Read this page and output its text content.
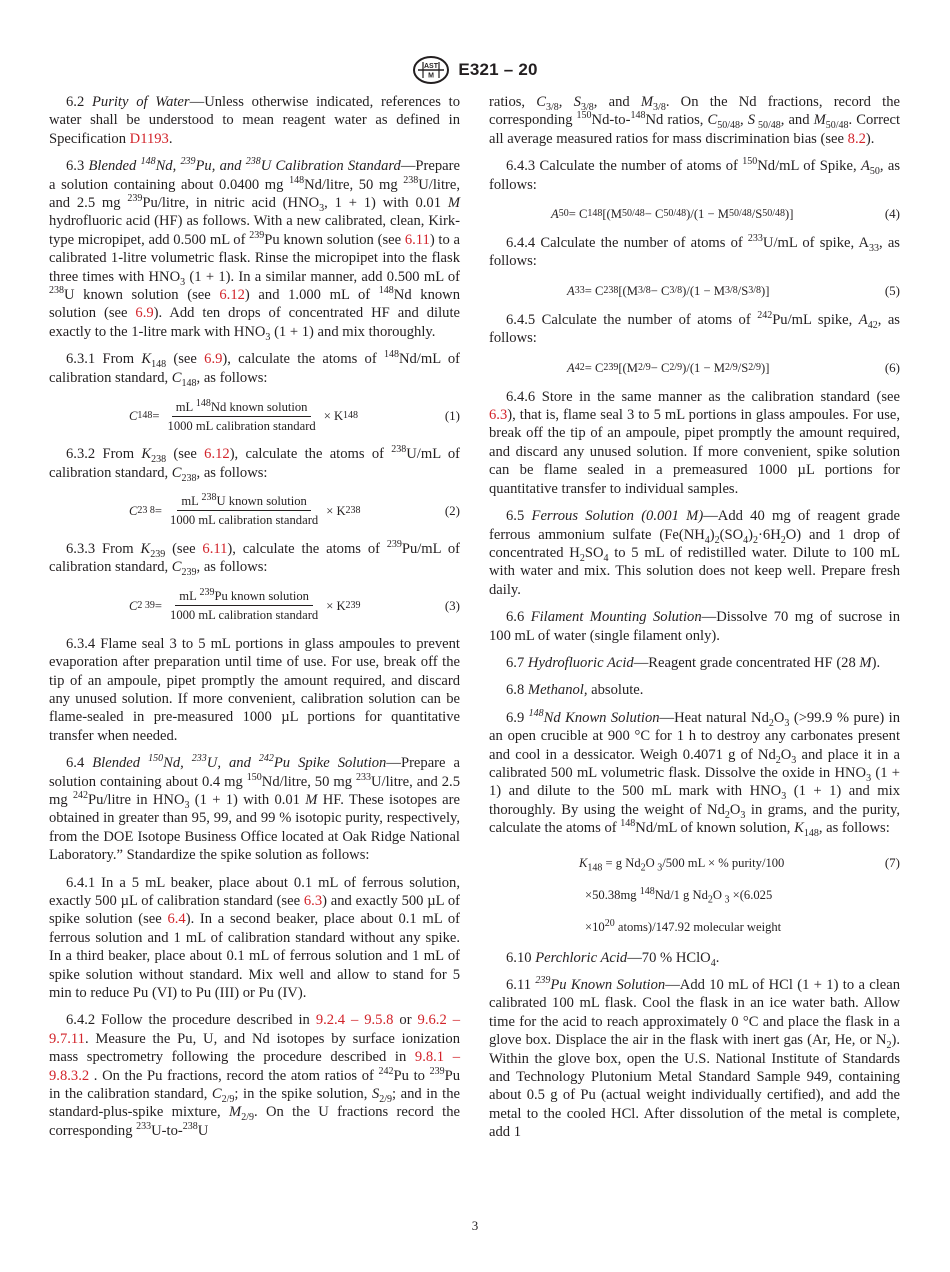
AST
M E321 – 20

6.2 Purity of Water—Unless otherwise indicated, references to water shall be understood to mean reagent water as defined in Specification D1193.

6.3 Blended $^{148}$Nd, $^{239}$Pu, and $^{238}$U Calibration Standard—Prepare a solution containing about 0.0400 mg $^{148}$Nd/litre, 50 mg $^{238}$U/litre, and 2.5 mg $^{239}$Pu/litre, in nitric acid ($HNO_3$, 1 + 1) with 0.01 M hydrofluoric acid (HF) as follows. With a new calibrated, clean, Kirk-type micropipet, add 0.500 mL of $^{239}$Pu known solution (see 6.11) to a calibrated 1-litre volumetric flask. Rinse the micropipet into the flask three times with $HNO_3$ (1 + 1). In a similar manner, add 0.500 mL of $^{238}$U known solution (see 6.12) and 1.000 mL of $^{148}$Nd known solution (see 6.9). Add ten drops of concentrated HF and dilute exactly to the 1-litre mark with $HNO_3$ (1 + 1) and mix thoroughly.

6.3.1 From $K_{148}$ (see 6.9), calculate the atoms of $^{148}$Nd/mL of calibration standard, $C_{148}$, as follows:

C $148 = \frac{mL ^{148}Nd known solution}{\text{1000 mL calibration standard}} \times K$ 148	(1)

6.3.2 From $K_{238}$ (see 6.12), calculate the atoms of $^{238}$U/mL of calibration standard, $C_{238}$, as follows:

C 23 $8 = \frac{mL ^{238}U known solution}{\text{1000 mL calibration standard}} \times K$ 238	(2)

6.3.3 From $K_{239}$ (see 6.11), calculate the atoms of $^{239}$Pu/mL of calibration standard, $C_{239}$, as follows:

C 2 $39 = \frac{mL ^{239}Pu known solution}{\text{1000 mL calibration standard}} \times K$ 239	(3)

6.3.4 Flame seal 3 to 5 mL portions in glass ampoules to prevent evaporation after preparation until time of use. For use, break off the tip of an ampoule, pipet promptly the amount required, and discard any unused solution. If more convenient, calibration solution can be flame-sealed in pre-measured 1000 µL portions for quantitative transfer when needed.

6.4 Blended $^{150}$Nd, $^{233}$U, and $^{242}$Pu Spike Solution—Prepare a solution containing about 0.4 mg $^{150}$Nd/litre, 50 mg $^{233}$U/litre, and 2.5 mg $^{242}$Pu/litre in $HNO_3$ (1 + 1) with 0.01 M HF. These isotopes are obtained in greater than 95, 99, and 99 % isotopic purity, respectively, from the DOE Isotope Business Office located at Oak Ridge National Laboratory.” Standardize the spike solution as follows:

6.4.1 In a 5 mL beaker, place about 0.1 mL of ferrous solution, exactly 500 µL of calibration standard (see 6.3) and exactly 500 µL of spike solution (see 6.4). In a second beaker, place about 0.1 mL of ferrous solution and 1 mL of calibration standard without any spike. In a third beaker, place about 0.1 mL of ferrous solution and 1 mL of spike solution without standard. Mix well and allow to stand for 5 min to reduce Pu (VI) to Pu (III) or Pu (IV).

6.4.2 Follow the procedure described in 9.2.4 – 9.5.8 or 9.6.2 – 9.7.11. Measure the Pu, U, and Nd isotopes by surface ionization mass spectrometry following the procedure described in 9.8.1 – 9.8.3.2 . On the Pu fractions, record the atom ratios of $^{242}$Pu to $^{239}$Pu in the calibration standard, $C_{2/9}$; in the spike solution, $S_{2/9}$; and in the standard-plus-spike mixture, $M_{2/9}$. On the U fractions record the corresponding $^{233}$U-to-$^{238}$U

ratios, $C_{3/8}$, $S_{3/8}$, and $M_{3/8}$. On the Nd fractions, record the corresponding $^{150}$Nd-to-$^{148}$Nd ratios, $C_{50/48}$, S $_{50/48}$, and $M_{50/48}$. Correct all average measured ratios for mass discrimination bias (see 8.2).

6.4.3 Calculate the number of atoms of $^{150}$Nd/mL of Spike, $A_{50}$, as follows:

A 50 = C 148 [(M 50/48 − C 50/48 )/(1 − M 50/48 /S 50/48 )]	(4)

6.4.4 Calculate the number of atoms of $^{233}$U/mL of spike, $A_{33}$, as follows:

A 33 = C 238 [(M 3/8 − C 3/8 )/(1 − M 3/8 /S 3/8 )]	(5)

6.4.5 Calculate the number of atoms of $^{242}$Pu/mL spike, $A_{42}$, as follows:

A 42 = C 239 [(M 2/9 − C 2/9 )/(1 − M 2/9 /S 2/9 )]	(6)

6.4.6 Store in the same manner as the calibration standard (see 6.3), that is, flame seal 3 to 5 mL portions in glass ampoules. For use, break off the tip of an ampoule, pipet promptly the amount required, and discard any unused solution. If more convenient, spike solution can be flame sealed in a premeasured 1000 µL portions for quantitative transfer to individual samples.

6.5 Ferrous Solution (0.001 M)—Add 40 mg of reagent grade ferrous ammonium sulfate $(Fe(NH_4)_2(SO_4)_2\cdot 6H_2O)$ and 1 drop of concentrated $H_2SO_4$ to 5 mL of redistilled water. Dilute to 100 mL with water and mix. This solution does not keep well. Prepare fresh daily.

6.6 Filament Mounting Solution—Dissolve 70 mg of sucrose in 100 mL of water (single filament only).

6.7 Hydrofluoric Acid—Reagent grade concentrated HF (28 M).

6.8 Methanol, absolute.

6.9 $^{148}$Nd Known Solution—Heat natural $Nd_2O_3$ (>99.9 % pure) in an open crucible at 900 °C for 1 h to destroy any carbonates present and cool in a dessicator. Weigh 0.4071 g of $Nd_2O_3$ and place it in a calibrated 500 mL volumetric flask. Dissolve the oxide in $HNO_3$ (1 + 1) and dilute to the 500 mL mark with $HNO_3$ (1 + 1) and mix thoroughly. By using the weight of $Nd_2O_3$ in grams, and the purity, calculate the atoms of $^{148}$Nd/mL of known solution, $K_{148}$, as follows:

$K_{148} = g$ $Nd_2O$ $_3$/500 mL × % purity/100
×50.38mg $^{148}$Nd/1 g $Nd_2O$ $_3$ ×(6.025
$\times 10^{20}$ atoms)/147.92 molecular weight
(7)

6.10 Perchloric Acid—70 % HClO$_4$.

6.11 $^{239}$Pu Known Solution—Add 10 mL of HCl (1 + 1) to a clean calibrated 100 mL flask. Cool the flask in an ice water bath. Allow time for the acid to reach approximately 0 °C and place the flask in a glove box. Displace the air in the flask with inert gas (Ar, He, or $N_2$). Within the glove box, open the U.S. National Institute of Standards and Technology Plutonium Metal Standard Sample 949, containing about 0.5 g of Pu (actual weight individually certified), and add the metal to the cooled HCl. After dissolution of the metal is complete, add 1

3
